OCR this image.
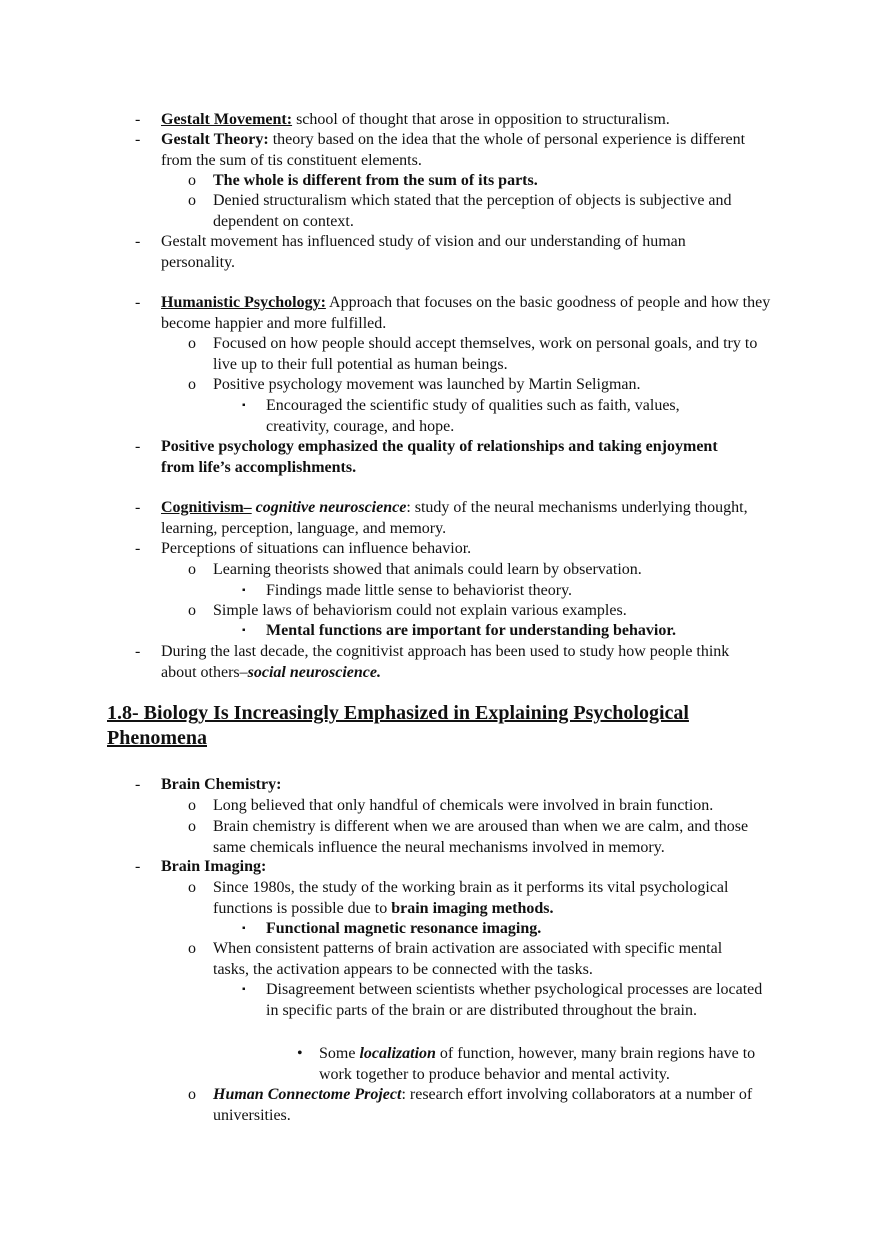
- Gestalt Movement: school of thought that arose in opposition to structuralism.
- Gestalt Theory: theory based on the idea that the whole of personal experience is different from the sum of tis constituent elements.
o The whole is different from the sum of its parts.
o Denied structuralism which stated that the perception of objects is subjective and dependent on context.
- Gestalt movement has influenced study of vision and our understanding of human personality.
- Humanistic Psychology: Approach that focuses on the basic goodness of people and how they become happier and more fulfilled.
o Focused on how people should accept themselves, work on personal goals, and try to live up to their full potential as human beings.
o Positive psychology movement was launched by Martin Seligman.
▪ Encouraged the scientific study of qualities such as faith, values, creativity, courage, and hope.
- Positive psychology emphasized the quality of relationships and taking enjoyment from life’s accomplishments.
- Cognitivism– cognitive neuroscience: study of the neural mechanisms underlying thought, learning, perception, language, and memory.
- Perceptions of situations can influence behavior.
o Learning theorists showed that animals could learn by observation.
▪ Findings made little sense to behaviorist theory.
o Simple laws of behaviorism could not explain various examples.
▪ Mental functions are important for understanding behavior.
- During the last decade, the cognitivist approach has been used to study how people think about others–social neuroscience.
1.8- Biology Is Increasingly Emphasized in Explaining Psychological Phenomena
- Brain Chemistry:
o Long believed that only handful of chemicals were involved in brain function.
o Brain chemistry is different when we are aroused than when we are calm, and those same chemicals influence the neural mechanisms involved in memory.
- Brain Imaging:
o Since 1980s, the study of the working brain as it performs its vital psychological functions is possible due to brain imaging methods.
▪ Functional magnetic resonance imaging.
o When consistent patterns of brain activation are associated with specific mental tasks, the activation appears to be connected with the tasks.
▪ Disagreement between scientists whether psychological processes are located in specific parts of the brain or are distributed throughout the brain.
• Some localization of function, however, many brain regions have to work together to produce behavior and mental activity.
o Human Connectome Project: research effort involving collaborators at a number of universities.
